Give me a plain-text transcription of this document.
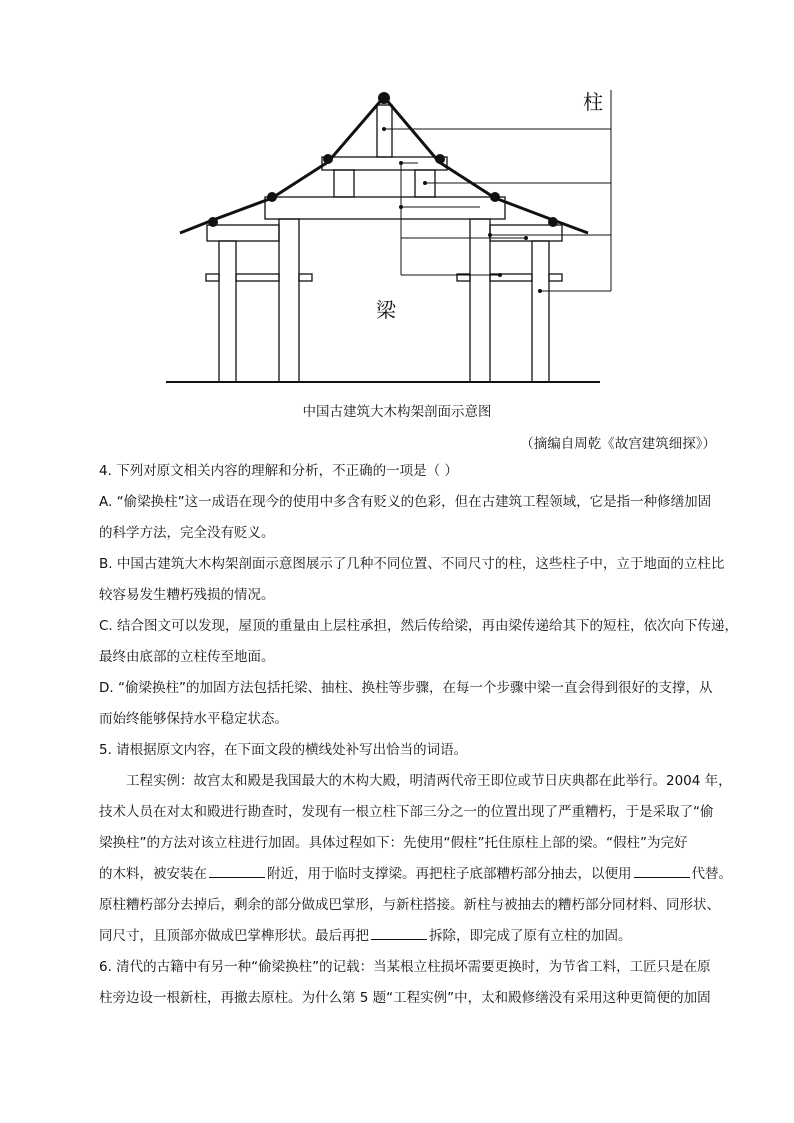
柱
梁
中国古建筑大木构架剖面示意图
（摘编自周乾《故宫建筑细探》）
4. 下列对原文相关内容的理解和分析，不正确的一项是（ ）
A. “偷梁换柱”这一成语在现今的使用中多含有贬义的色彩，但在古建筑工程领域，它是指一种修缮加固
的科学方法，完全没有贬义。
B. 中国古建筑大木构架剖面示意图展示了几种不同位置、不同尺寸的柱，这些柱子中，立于地面的立柱比
较容易发生糟朽残损的情况。
C. 结合图文可以发现，屋顶的重量由上层柱承担，然后传给梁，再由梁传递给其下的短柱，依次向下传递，
最终由底部的立柱传至地面。
D. “偷梁换柱”的加固方法包括托梁、抽柱、换柱等步骤，在每一个步骤中梁一直会得到很好的支撑，从
而始终能够保持水平稳定状态。
5. 请根据原文内容，在下面文段的横线处补写出恰当的词语。
工程实例：故宫太和殿是我国最大的木构大殿，明清两代帝王即位或节日庆典都在此举行。2004 年，
技术人员在对太和殿进行勘查时，发现有一根立柱下部三分之一的位置出现了严重糟朽，于是采取了“偷
梁换柱”的方法对该立柱进行加固。具体过程如下：先使用“假柱”托住原柱上部的梁。“假柱”为完好
的木料，被安装在	附近，用于临时支撑梁。再把柱子底部糟朽部分抽去，以便用	代替。
原柱糟朽部分去掉后，剩余的部分做成巴掌形，与新柱搭接。新柱与被抽去的糟朽部分同材料、同形状、
同尺寸，且顶部亦做成巴掌榫形状。最后再把	拆除，即完成了原有立柱的加固。
6. 清代的古籍中有另一种“偷梁换柱”的记载：当某根立柱损坏需要更换时，为节省工料，工匠只是在原
柱旁边设一根新柱，再撤去原柱。为什么第 5 题“工程实例”中，太和殿修缮没有采用这种更简便的加固
